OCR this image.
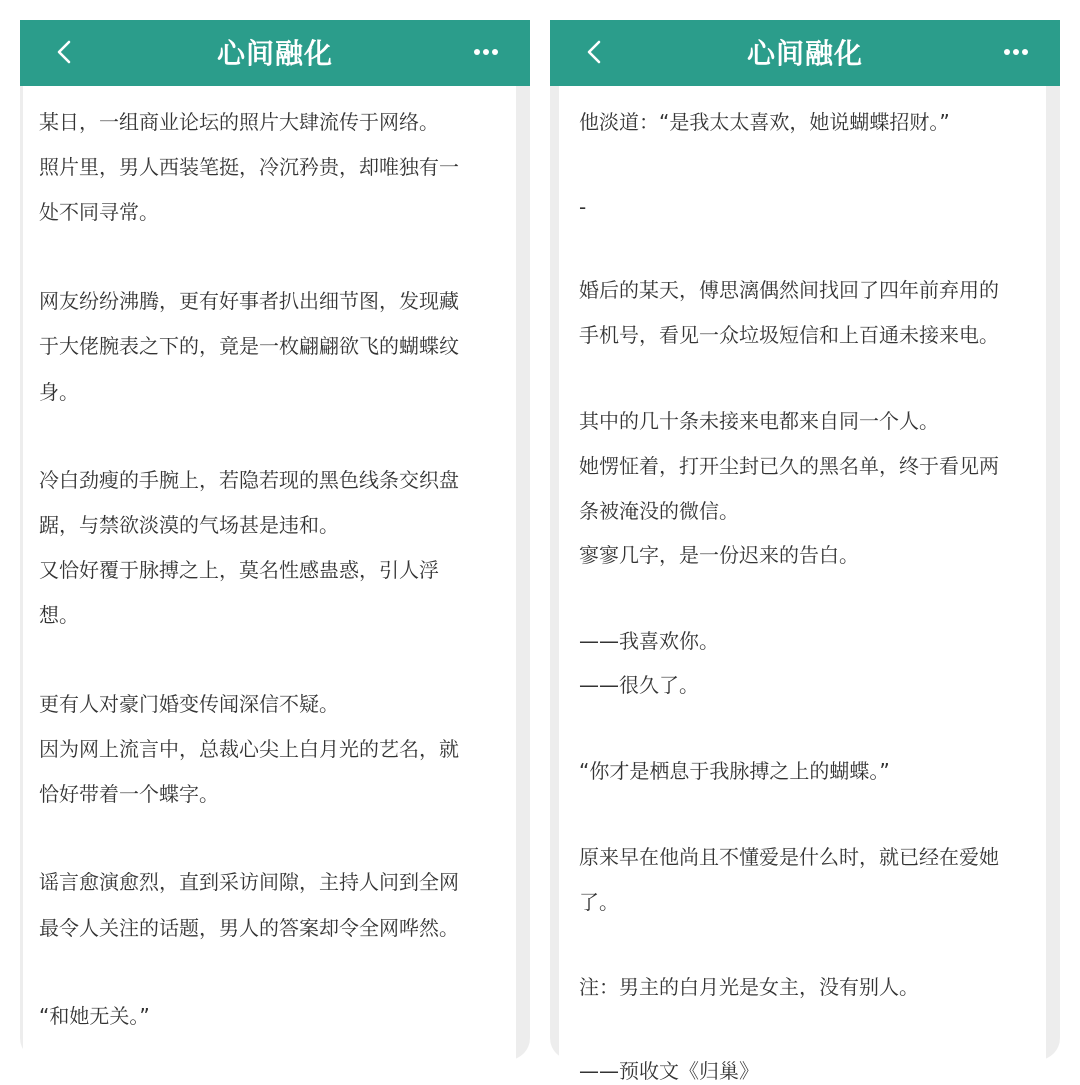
心间融化
某日，一组商业论坛的照片大肆流传于网络。
照片里，男人西装笔挺，冷沉矜贵，却唯独有一
处不同寻常。
网友纷纷沸腾，更有好事者扒出细节图，发现藏
于大佬腕表之下的，竟是一枚翩翩欲飞的蝴蝶纹
身。
冷白劲瘦的手腕上，若隐若现的黑色线条交织盘
踞，与禁欲淡漠的气场甚是违和。
又恰好覆于脉搏之上，莫名性感蛊惑，引人浮
想。
更有人对豪门婚变传闻深信不疑。
因为网上流言中，总裁心尖上白月光的艺名，就
恰好带着一个蝶字。
谣言愈演愈烈，直到采访间隙，主持人问到全网
最令人关注的话题，男人的答案却令全网哗然。
“和她无关。”
心间融化
他淡道：“是我太太喜欢，她说蝴蝶招财。”
-
婚后的某天，傅思漓偶然间找回了四年前弃用的
手机号，看见一众垃圾短信和上百通未接来电。
其中的几十条未接来电都来自同一个人。
她愣怔着，打开尘封已久的黑名单，终于看见两
条被淹没的微信。
寥寥几字，是一份迟来的告白。
——我喜欢你。
——很久了。
“你才是栖息于我脉搏之上的蝴蝶。”
原来早在他尚且不懂爱是什么时，就已经在爱她
了。
注：男主的白月光是女主，没有别人。
——预收文《归巢》
